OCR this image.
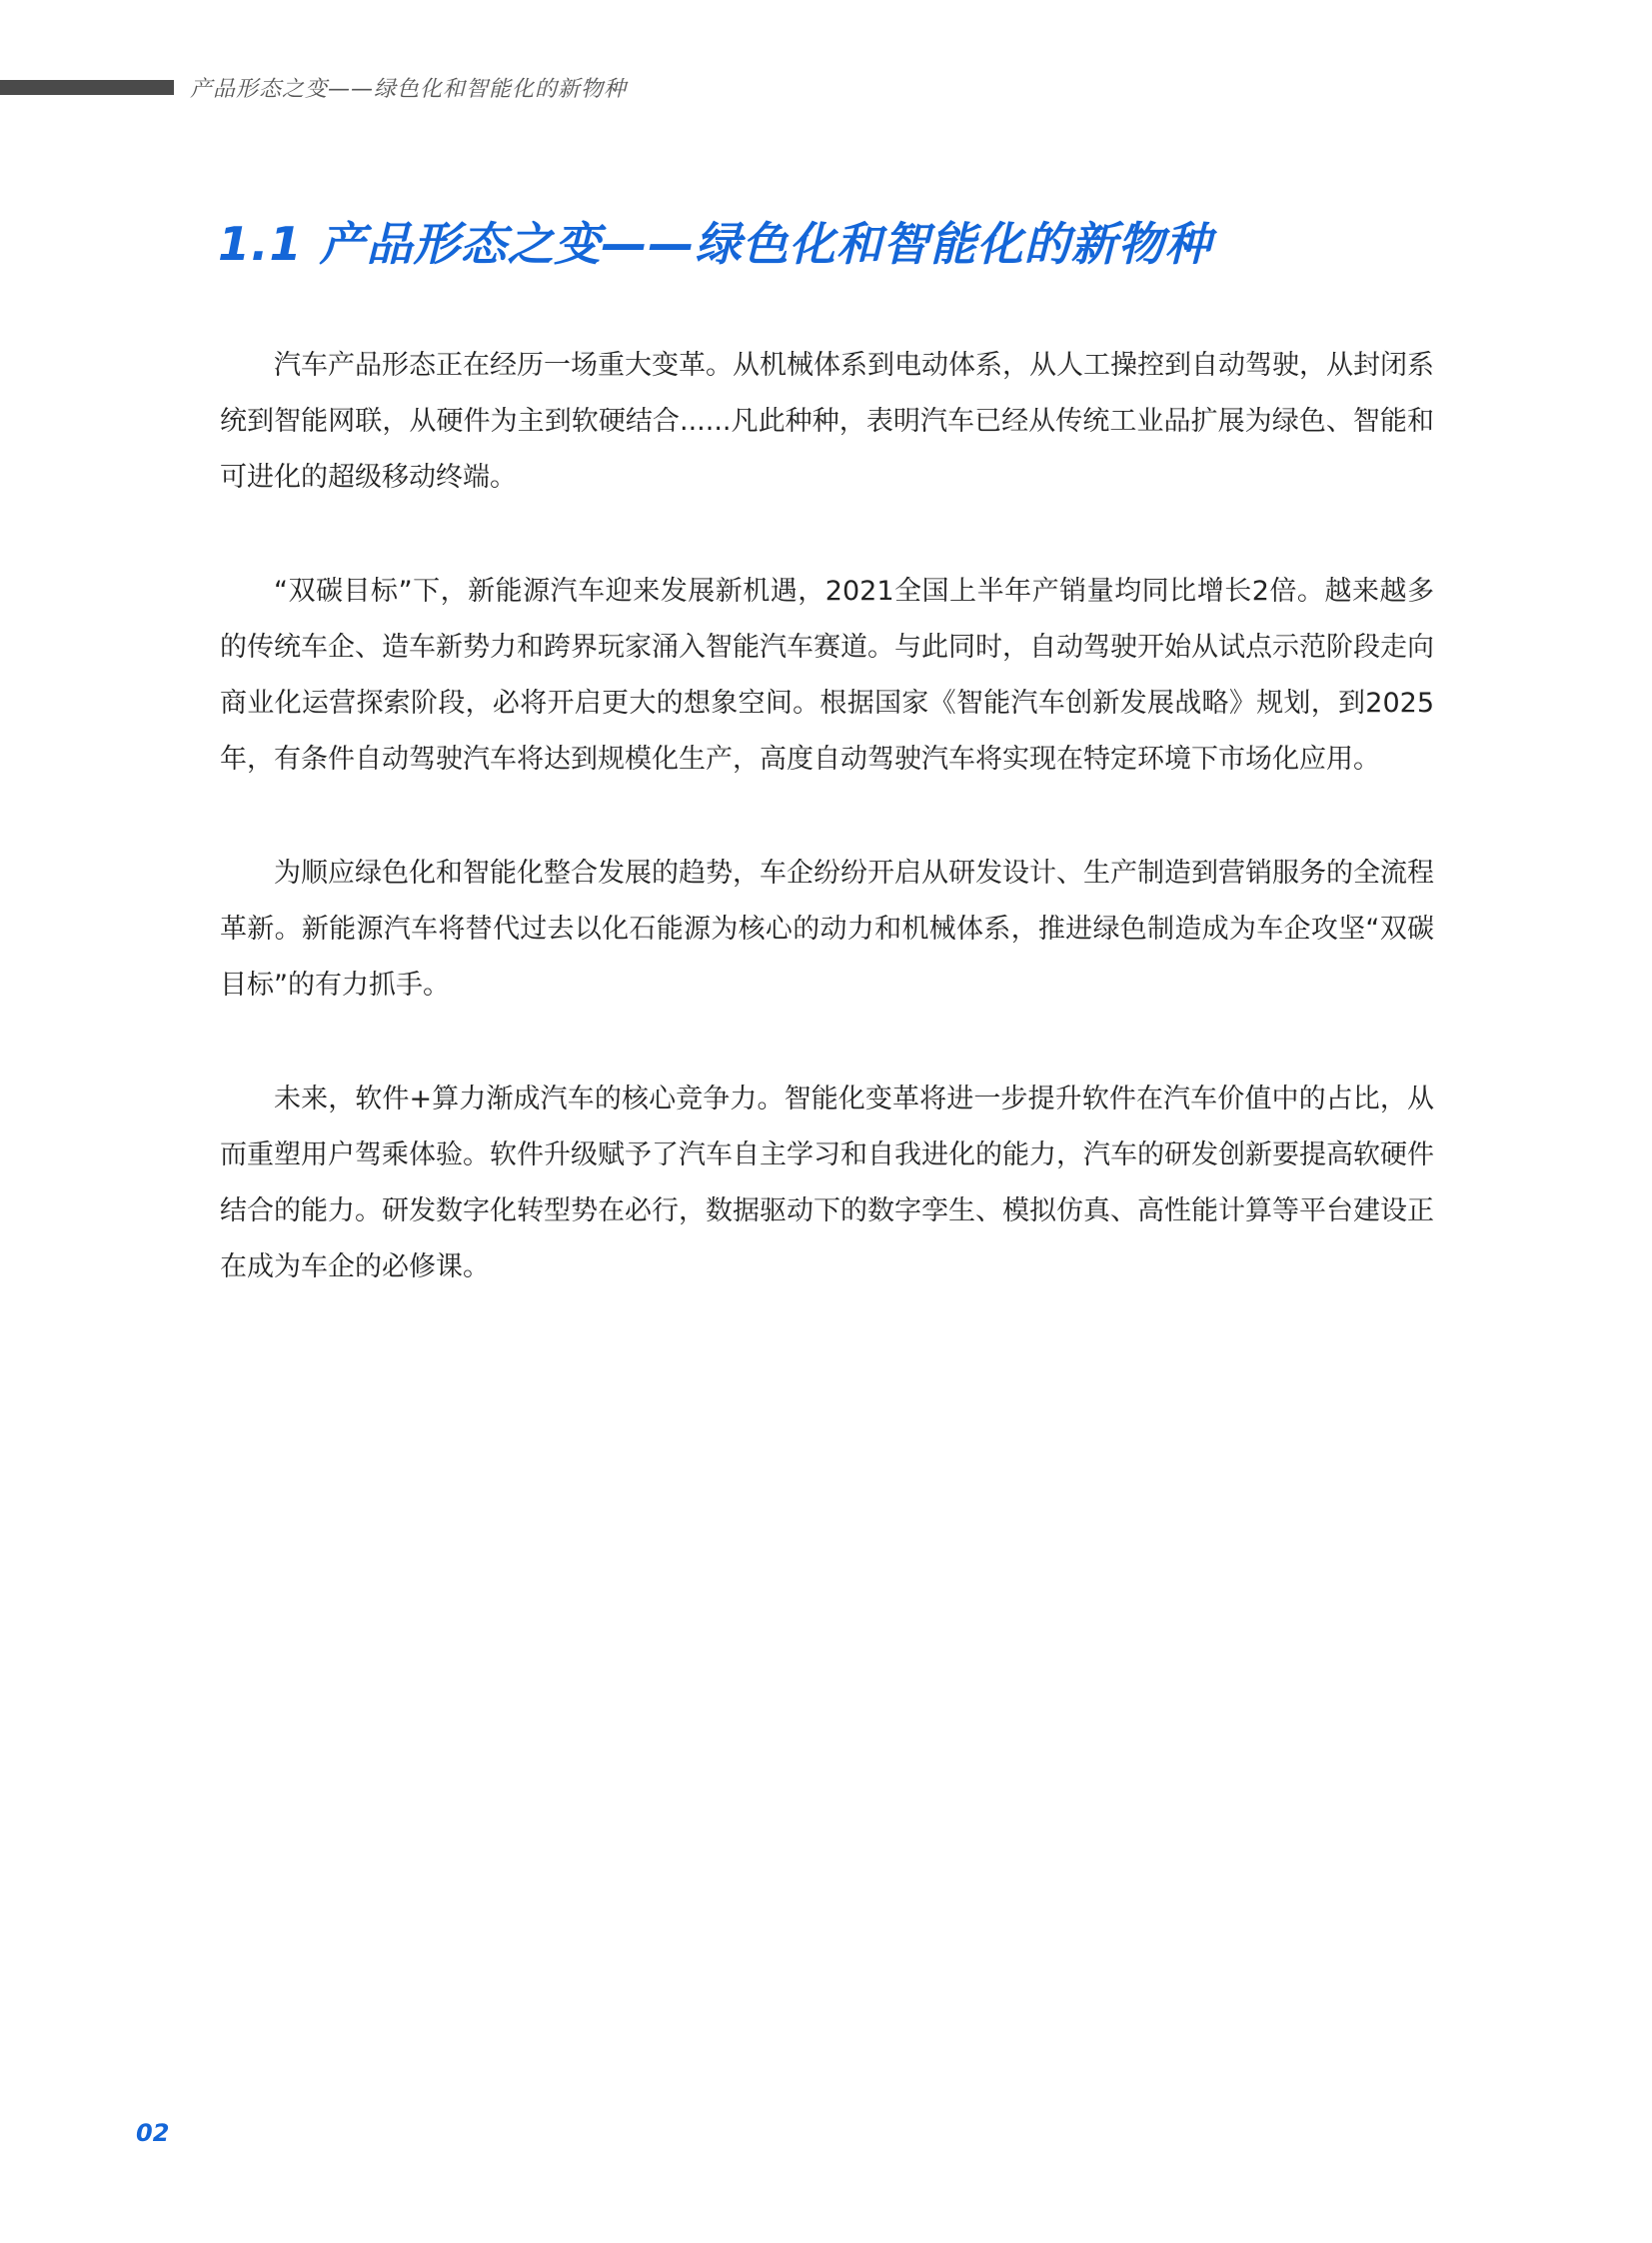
产品形态之变——绿色化和智能化的新物种
1.1 产品形态之变——绿色化和智能化的新物种

汽车产品形态正在经历一场重大变革。从机械体系到电动体系，从人工操控到自动驾驶，从封闭系统到智能网联，从硬件为主到软硬结合......凡此种种，表明汽车已经从传统工业品扩展为绿色、智能和可进化的超级移动终端。

“双碳目标”下，新能源汽车迎来发展新机遇，2021全国上半年产销量均同比增长2倍。越来越多的传统车企、造车新势力和跨界玩家涌入智能汽车赛道。与此同时，自动驾驶开始从试点示范阶段走向商业化运营探索阶段，必将开启更大的想象空间。根据国家《智能汽车创新发展战略》规划，到2025年，有条件自动驾驶汽车将达到规模化生产，高度自动驾驶汽车将实现在特定环境下市场化应用。

为顺应绿色化和智能化整合发展的趋势，车企纷纷开启从研发设计、生产制造到营销服务的全流程革新。新能源汽车将替代过去以化石能源为核心的动力和机械体系，推进绿色制造成为车企攻坚“双碳目标”的有力抓手。

未来，软件+算力渐成汽车的核心竞争力。智能化变革将进一步提升软件在汽车价值中的占比，从而重塑用户驾乘体验。软件升级赋予了汽车自主学习和自我进化的能力，汽车的研发创新要提高软硬件结合的能力。研发数字化转型势在必行，数据驱动下的数字孪生、模拟仿真、高性能计算等平台建设正在成为车企的必修课。

02
